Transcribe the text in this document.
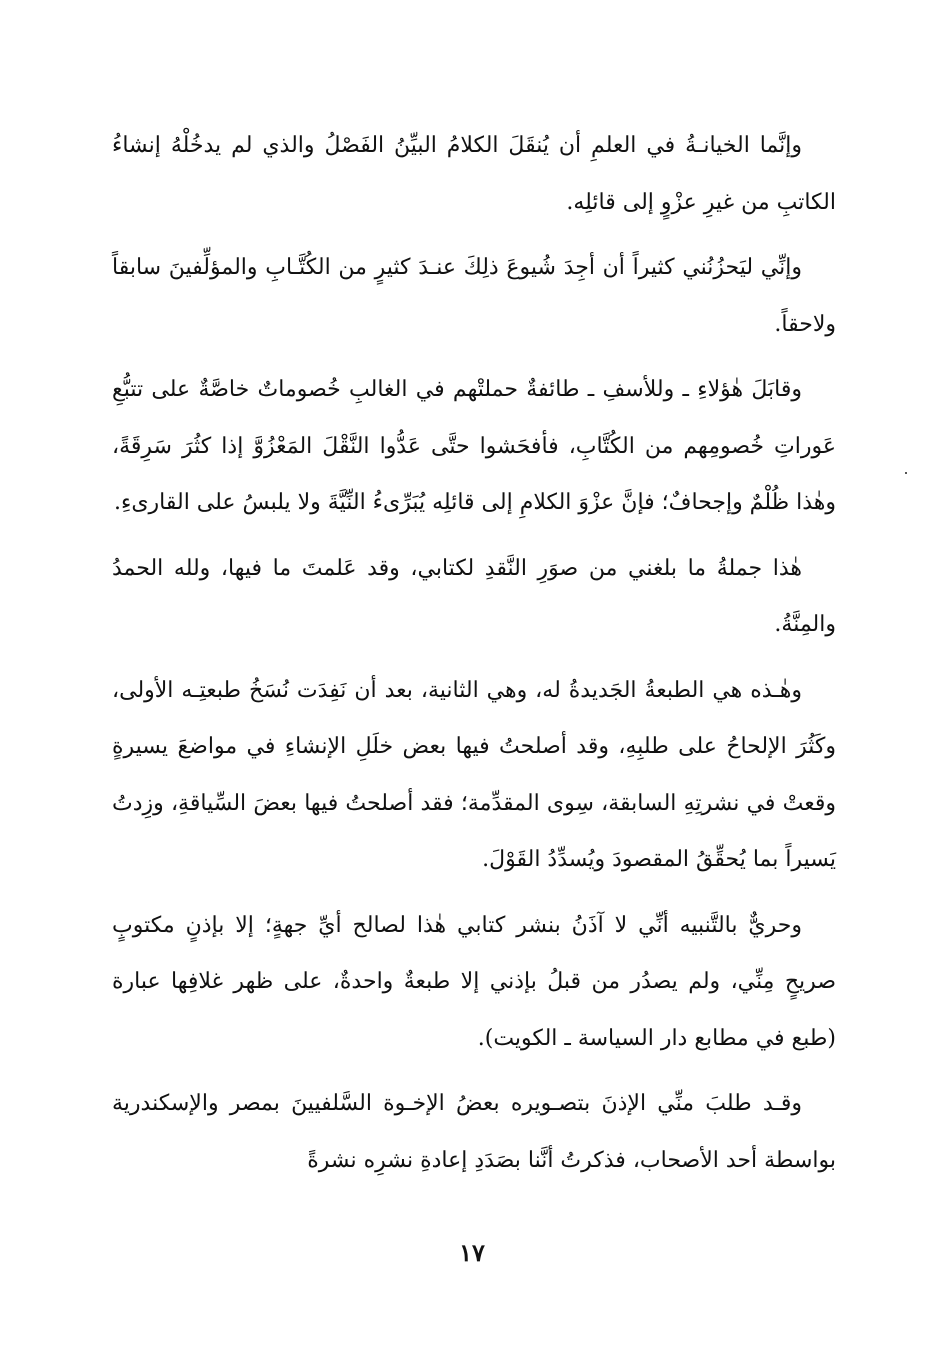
وإنَّما الخيانـةُ في العلمِ أن يُنقَلَ الكلامُ البيِّنُ الفَصْلُ والذي لم يدخُلْهُ إنشاءُ الكاتبِ من غيرِ عزْوٍ إلى قائلِه.

وإنِّي ليَحزُنُني كثيراً أن أجِدَ شُيوعَ ذلِكَ عنـدَ كثيرٍ من الكُتَّـابِ والمؤلِّفينَ سابقاً ولاحقاً.

وقابَلَ هٰؤلاءِ ـ وللأسفِ ـ طائفةٌ حملتْهم في الغالبِ خُصوماتٌ خاصَّةٌ على تتبُّعِ عَوراتِ خُصومِهم من الكُتَّابِ، فأفحَشوا حتَّى عَدُّوا النَّقْلَ المَعْزُوَّ إذا كثُرَ سَرِقَةً، وهٰذا ظُلْمٌ وإجحافٌ؛ فإنَّ عزْوَ الكلامِ إلى قائلِه يُبَرِّىءُ النِّيَّةَ ولا يلبسُ على القارىءِ.

هٰذا جملةُ ما بلغني من صوَرِ النَّقدِ لكتابي، وقد عَلمتَ ما فيها، ولله الحمدُ والمِنَّةُ.

وهٰـذه هي الطبعةُ الجَديدةُ له، وهي الثانية، بعد أن نَفِدَت نُسَخُ طبعتِـه الأولى، وكَثُرَ الإلحاحُ على طلبِهِ، وقد أصلحتُ فيها بعض خلَلِ الإنشاءِ في مواضعَ يسيرةٍ وقعتْ في نشرتِهِ السابقة، سِوى المقدِّمة؛ فقد أصلحتُ فيها بعضَ السِّياقةِ، وزِدتُ يَسيراً بما يُحقِّقُ المقصودَ ويُسدِّدُ القَوْلَ.

وحريٌّ بالتَّنبيه أنِّي لا آذَنُ بنشر كتابي هٰذا لصالح أيِّ جهةٍ؛ إلا بإذنٍ مكتوبٍ صريحٍ مِنِّي، ولم يصدُر من قبلُ بإذني إلا طبعةٌ واحدةٌ، على ظهر غلافِها عبارة (طبع في مطابع دار السياسة ـ الكويت).

وقـد طلبَ منِّي الإذنَ بتصـويره بعضُ الإخـوة السَّلفيينَ بمصر والإسكندرية بواسطة أحد الأصحاب، فذكرتُ أنَّنا بصَدَدِ إعادةِ نشرِه نشرةً

١٧
